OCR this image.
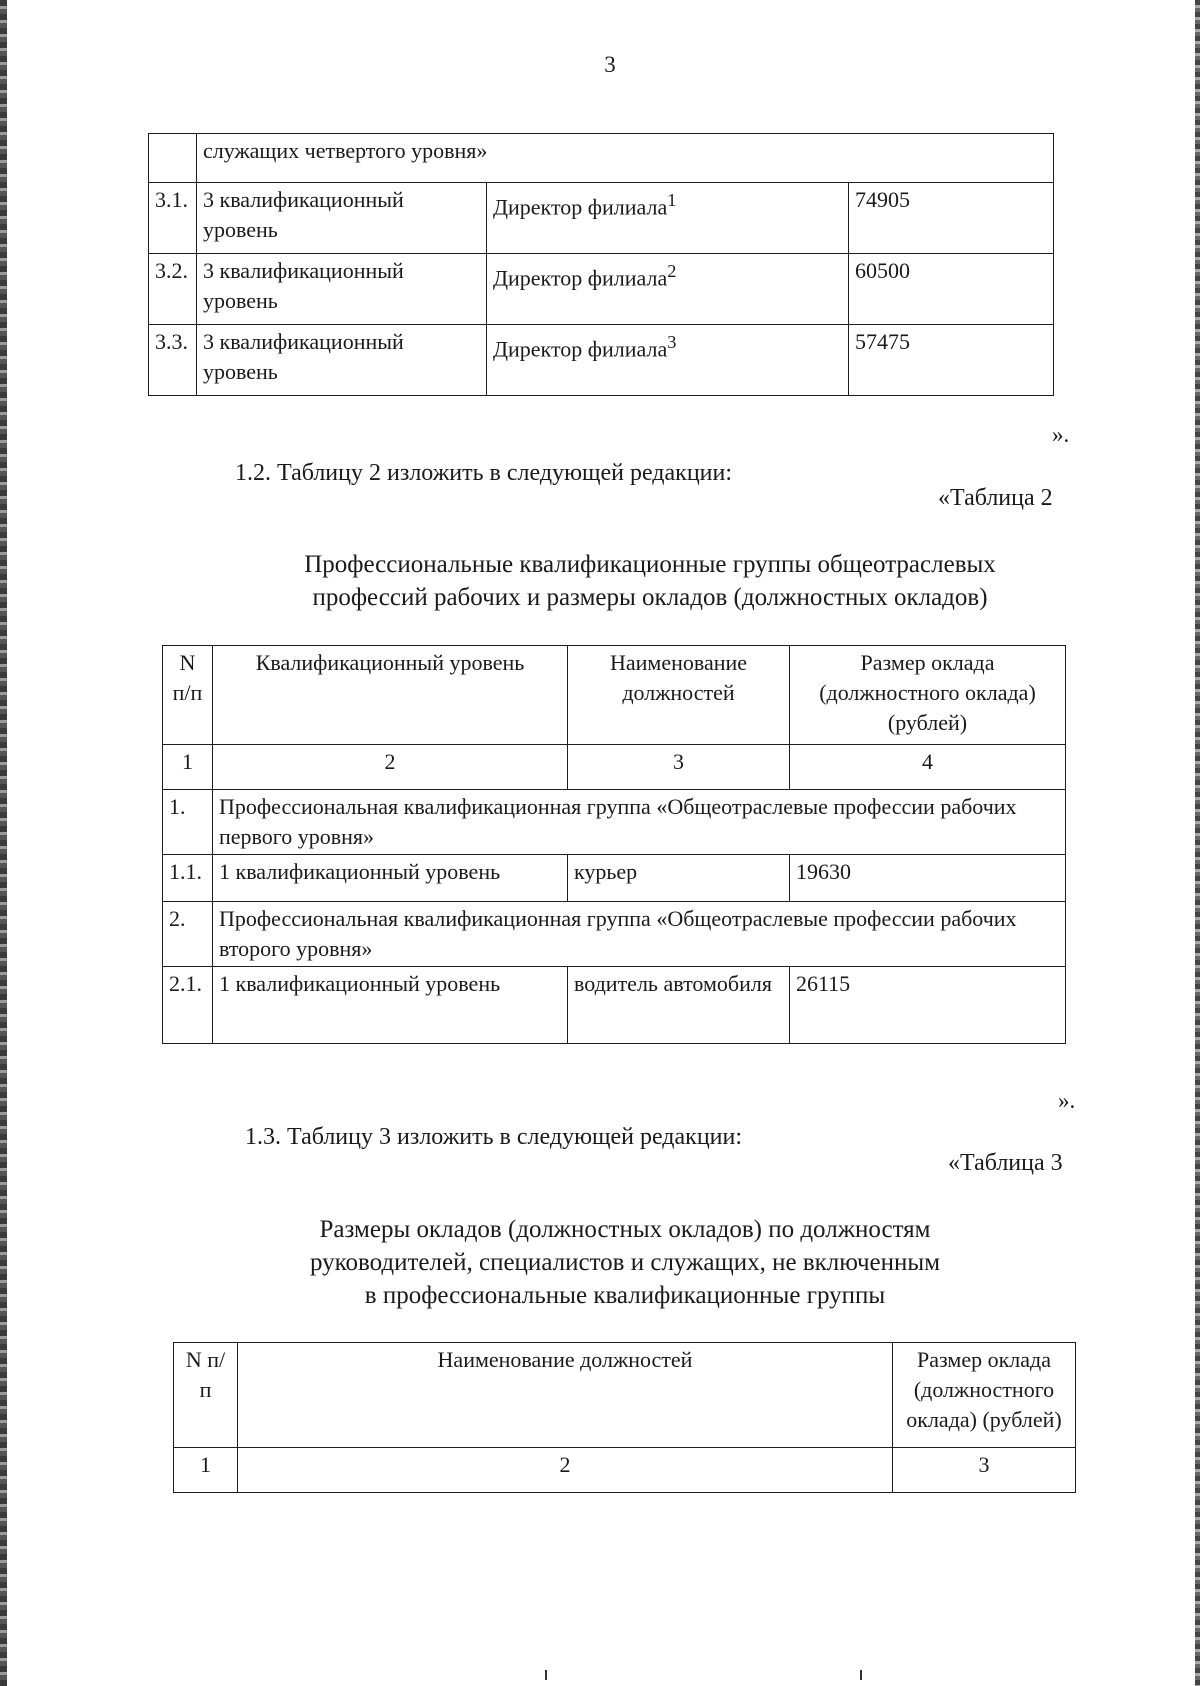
3
	служащих четвертого уровня»		
3.1.	3 квалификационный уровень	Директор филиала$^1$	74905
3.2.	3 квалификационный уровень	Директор филиала$^2$	60500
3.3.	3 квалификационный уровень	Директор филиала$^3$	57475
».
1.2. Таблицу 2 изложить в следующей редакции:
«Таблица 2
Профессиональные квалификационные группы общеотраслевых
профессий рабочих и размеры окладов (должностных окладов)
N п/п	Квалификационный уровень	Наименование должностей	Размер оклада (должностного оклада) (рублей)
1	2	3	4
1.	Профессиональная квалификационная группа «Общеотраслевые профессии рабочих первого уровня»		
1.1.	1 квалификационный уровень	курьер	19630
2.	Профессиональная квалификационная группа «Общеотраслевые профессии рабочих второго уровня»		
2.1.	1 квалификационный уровень	водитель автомобиля	26115
».
1.3. Таблицу 3 изложить в следующей редакции:
«Таблица 3
Размеры окладов (должностных окладов) по должностям
руководителей, специалистов и служащих, не включенным
в профессиональные квалификационные группы
N п/п	Наименование должностей	Размер оклада (должностного оклада) (рублей)
1	2	3
